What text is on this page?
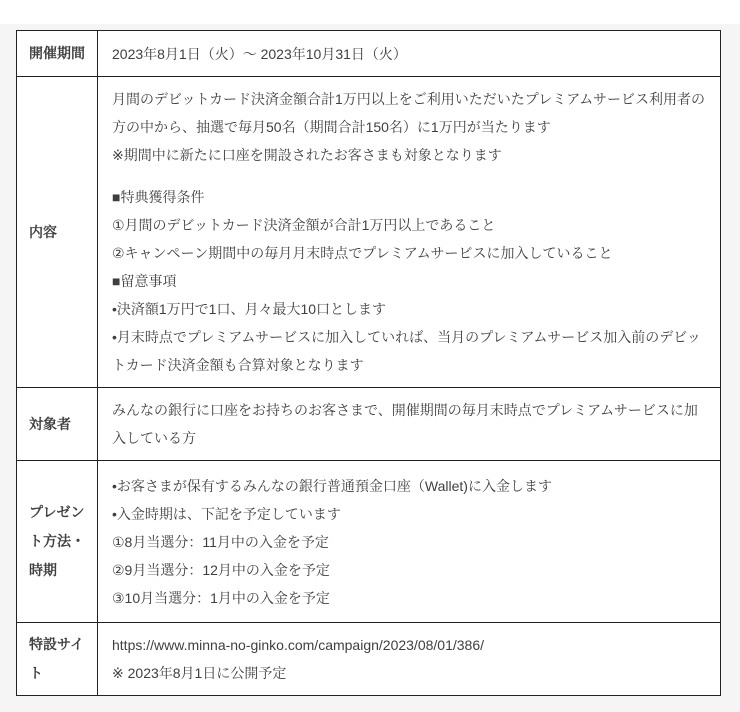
開催期間	2023年8月1日（火）～ 2023年10月31日（火）
内容
月間のデビットカード決済金額合計1万円以上をご利用いただいたプレミアムサービス利用者の
方の中から、抽選で毎月50名（期間合計150名）に1万円が当たります
※期間中に新たに口座を開設されたお客さまも対象となります

■特典獲得条件
①月間のデビットカード決済金額が合計1万円以上であること
②キャンペーン期間中の毎月月末時点でプレミアムサービスに加入していること
■留意事項
•決済額1万円で1口、月々最大10口とします
•月末時点でプレミアムサービスに加入していれば、当月のプレミアムサービス加入前のデビッ
トカード決済金額も合算対象となります
対象者
みんなの銀行に口座をお持ちのお客さまで、開催期間の毎月末時点でプレミアムサービスに加
入している方
プレゼント方法・時期
•お客さまが保有するみんなの銀行普通預金口座（Wallet)に入金します
•入金時期は、下記を予定しています
①8月当選分：11月中の入金を予定
②9月当選分：12月中の入金を予定
③10月当選分：1月中の入金を予定
特設サイト
https://www.minna-no-ginko.com/campaign/2023/08/01/386/
※ 2023年8月1日に公開予定
